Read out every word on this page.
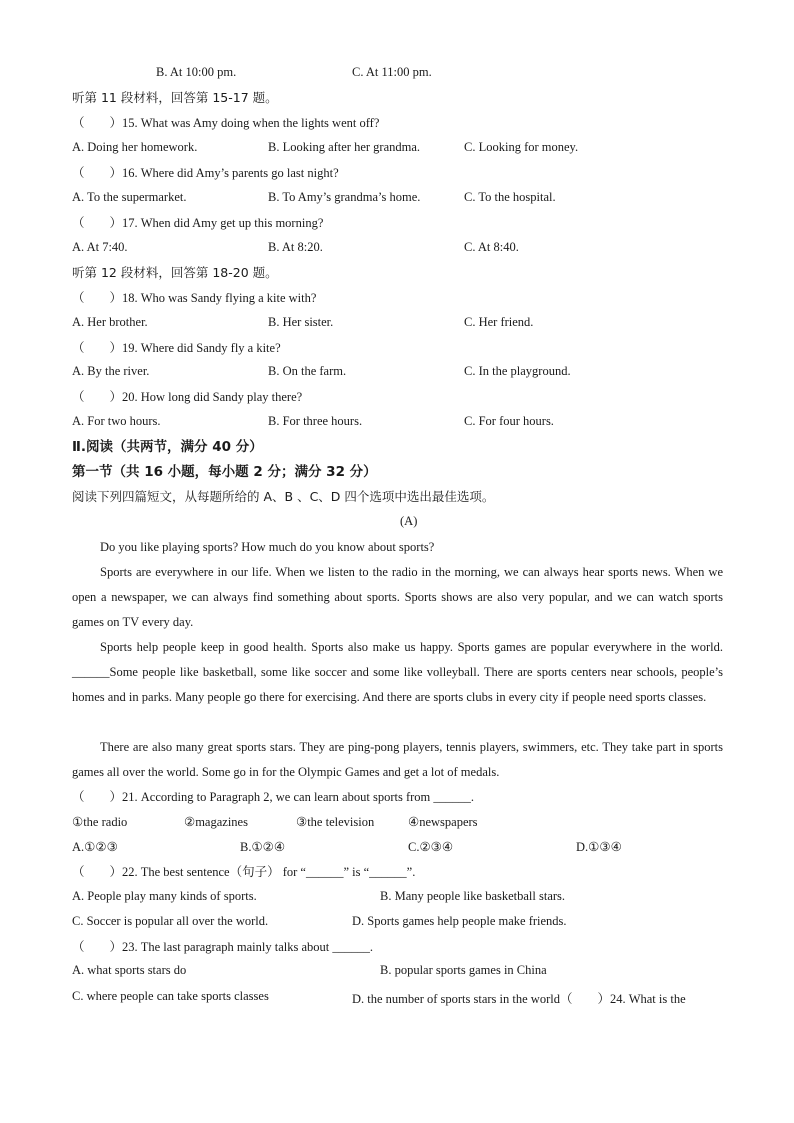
B. At 10:00 pm.	C. At 11:00 pm.
听第 11 段材料，回答第 15-17 题。
（　　）15. What was Amy doing when the lights went off?
A. Doing her homework.	B. Looking after her grandma.	C. Looking for money.
（　　）16. Where did Amy’s parents go last night?
A. To the supermarket.	B. To Amy’s grandma’s home.	C. To the hospital.
（　　）17. When did Amy get up this morning?
A. At 7:40.	B. At 8:20.	C. At 8:40.
听第 12 段材料，回答第 18-20 题。
（　　）18. Who was Sandy flying a kite with?
A. Her brother.	B. Her sister.	C. Her friend.
（　　）19. Where did Sandy fly a kite?
A. By the river.	B. On the farm.	C. In the playground.
（　　）20. How long did Sandy play there?
A. For two hours.	B. For three hours.	C. For four hours.
Ⅱ.阅读（共两节，满分 40 分）
第一节（共 16 小题，每小题 2 分；满分 32 分）
阅读下列四篇短文，从每题所给的 A、B 、C、D 四个选项中选出最佳选项。
(A)
Do you like playing sports? How much do you know about sports?
Sports are everywhere in our life. When we listen to the radio in the morning, we can always hear sports news. When we open a newspaper, we can always find something about sports. Sports shows are also very popular, and we can watch sports games on TV every day.
Sports help people keep in good health. Sports also make us happy. Sports games are popular everywhere in the world. ______Some people like basketball, some like soccer and some like volleyball. There are sports centers near schools, people’s homes and in parks. Many people go there for exercising. And there are sports clubs in every city if people need sports classes.
There are also many great sports stars. They are ping-pong players, tennis players, swimmers, etc. They take part in sports games all over the world. Some go in for the Olympic Games and get a lot of medals.
（　　）21. According to Paragraph 2, we can learn about sports from ______.
①the radio	②magazines	③the television	④newspapers
A.①②③	B.①②④	C.②③④	D.①③④
（　　）22. The best sentence（句子） for “______” is “______”.
A. People play many kinds of sports.	B. Many people like basketball stars.
C. Soccer is popular all over the world.	D. Sports games help people make friends.
（　　）23. The last paragraph mainly talks about ______.
A. what sports stars do	B. popular sports games in China
C. where people can take sports classes	D. the number of sports stars in the world（　　）24. What is the
